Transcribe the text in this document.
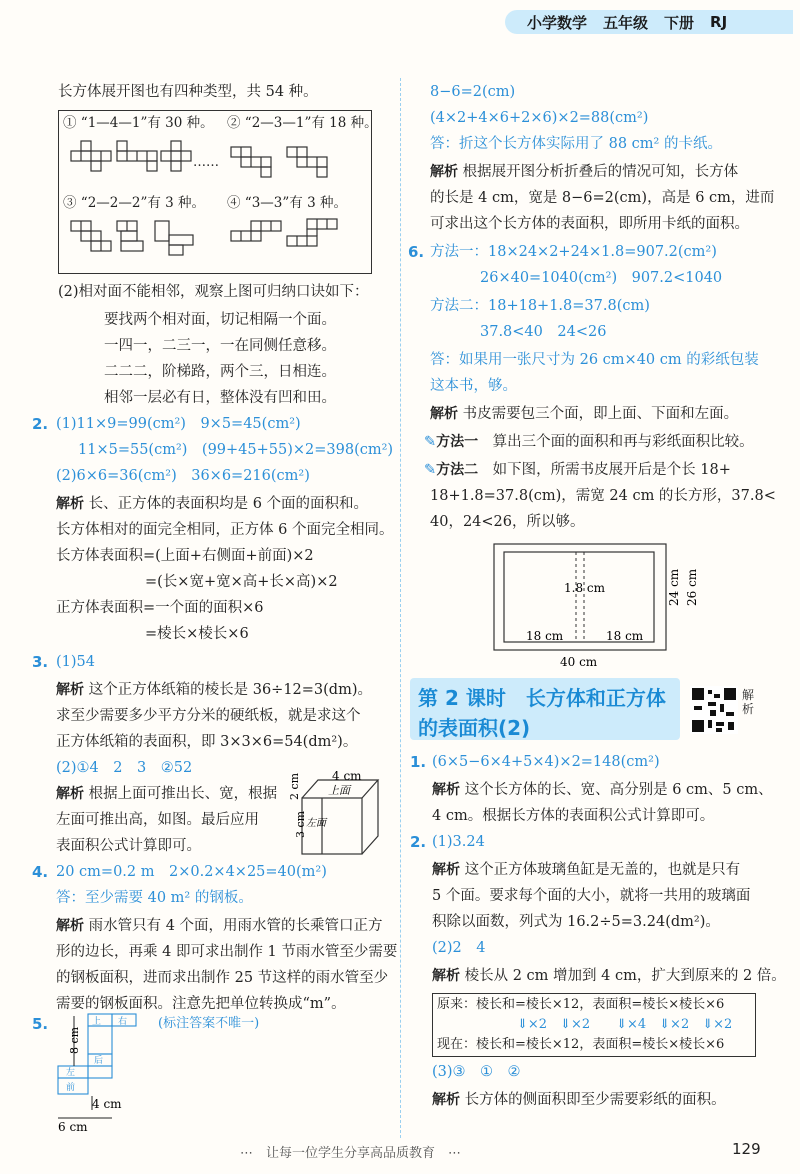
小学数学 五年级 下册 RJ
长方体展开图也有四种类型，共 54 种。
① “1—4—1”有 30 种。 ② “2—3—1”有 18 种。
……
③ “2—2—2”有 3 种。 ④ “3—3”有 3 种。
(2)相对面不能相邻，观察上图可归纳口诀如下：
要找两个相对面，切记相隔一个面。
一四一，二三一，一在同侧任意移。
二二二，阶梯路，两个三，日相连。
相邻一层必有日，整体没有凹和田。
2. (1)11×9=99(cm²)　9×5=45(cm²)
11×5=55(cm²)　(99+45+55)×2=398(cm²)
(2)6×6=36(cm²)　36×6=216(cm²)
解析 长、正方体的表面积均是 6 个面的面积和。
长方体相对的面完全相同，正方体 6 个面完全相同。
长方体表面积=(上面+右侧面+前面)×2
=(长×宽+宽×高+长×高)×2
正方体表面积=一个面的面积×6
=棱长×棱长×6
3. (1)54
解析 这个正方体纸箱的棱长是 36÷12=3(dm)。
求至少需要多少平方分米的硬纸板，就是求这个
正方体纸箱的表面积，即 3×3×6=54(dm²)。
(2)①4　2　3　②52
解析 根据上面可推出长、宽，根据
左面可推出高，如图。最后应用
表面积公式计算即可。
4 cm
2 cm
3 cm
上面
左面
4. 20 cm=0.2 m　2×0.2×4×25=40(m²)
答：至少需要 40 m² 的钢板。
解析 雨水管只有 4 个面，用雨水管的长乘管口正方
形的边长，再乘 4 即可求出制作 1 节雨水管至少需要
的钢板面积，进而求出制作 25 节这样的雨水管至少
需要的钢板面积。注意先把单位转换成“m”。
5.	(标注答案不唯一)
上 右
8 cm
后
左
前
4 cm
6 cm
8−6=2(cm)
(4×2+4×6+2×6)×2=88(cm²)
答：折这个长方体实际用了 88 cm² 的卡纸。
解析 根据展开图分析折叠后的情况可知，长方体
的长是 4 cm，宽是 8−6=2(cm)，高是 6 cm，进而
可求出这个长方体的表面积，即所用卡纸的面积。
6. 方法一：18×24×2+24×1.8=907.2(cm²)
26×40=1040(cm²)　907.2<1040
方法二：18+18+1.8=37.8(cm)
37.8<40　24<26
答：如果用一张尺寸为 26 cm×40 cm 的彩纸包装
这本书，够。
解析 书皮需要包三个面，即上面、下面和左面。
✎方法一　 算出三个面的面积和再与彩纸面积比较。
✎方法二　 如下图，所需书皮展开后是个长 18+
18+1.8=37.8(cm)，需宽 24 cm 的长方形，37.8<
40，24<26，所以够。
1.8 cm	24 cm 26 cm
18 cm	18 cm
40 cm
第 2 课时　长方体和正方体
的表面积(2)
解析
1. (6×5−6×4+5×4)×2=148(cm²)
解析 这个长方体的长、宽、高分别是 6 cm、5 cm、
4 cm。根据长方体的表面积公式计算即可。
2. (1)3.24
解析 这个正方体玻璃鱼缸是无盖的，也就是只有
5 个面。要求每个面的大小，就将一共用的玻璃面
积除以面数，列式为 16.2÷5=3.24(dm²)。
(2)2　4
解析 棱长从 2 cm 增加到 4 cm，扩大到原来的 2 倍。
原来：棱长和=棱长×12，表面积=棱长×棱长×6
⇓×2　⇓×2　　⇓×4　⇓×2　⇓×2
现在：棱长和=棱长×12，表面积=棱长×棱长×6
(3)③　①　②
解析 长方体的侧面积即至少需要彩纸的面积。
⋯　让每一位学生分享高品质教育　⋯	129
